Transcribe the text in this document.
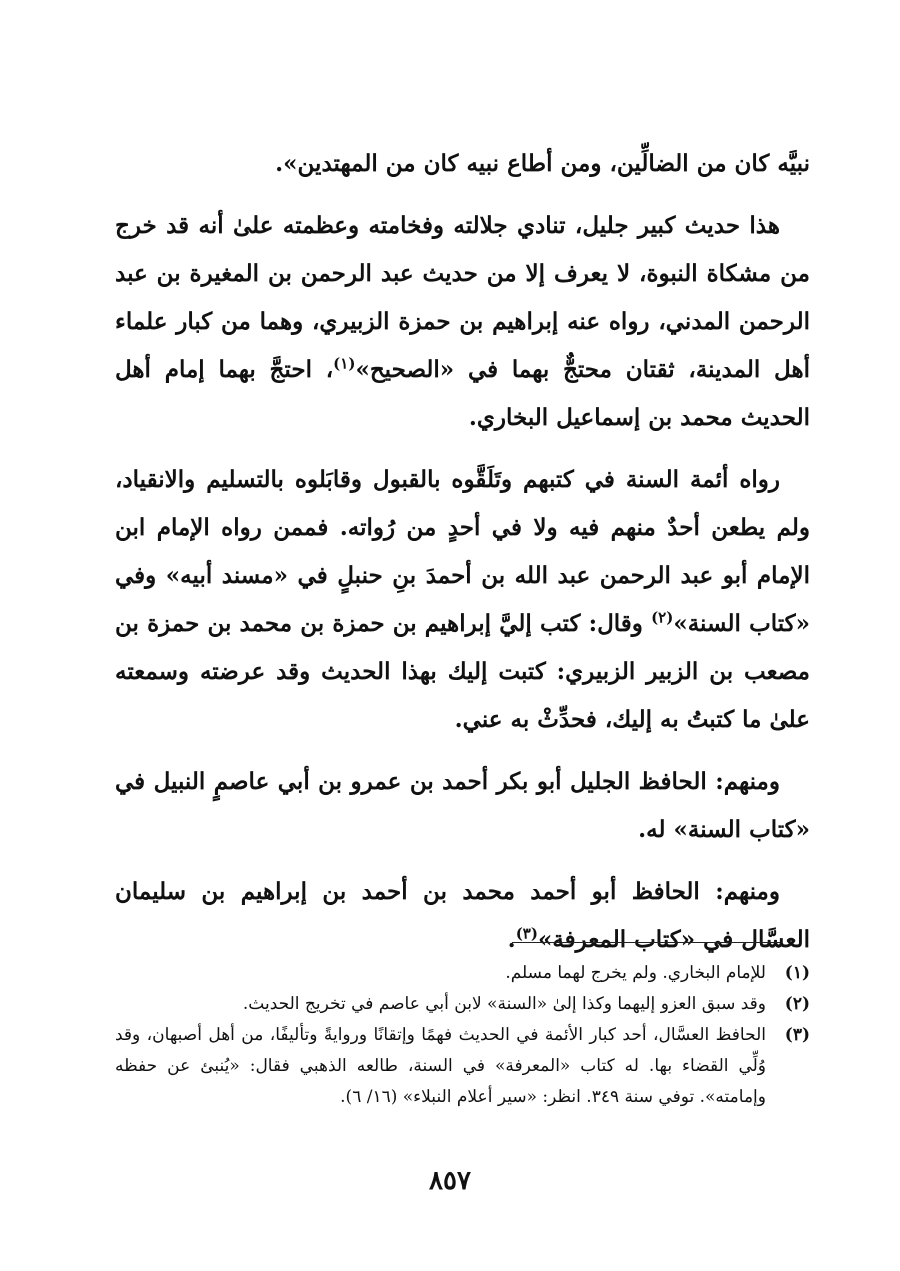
نبيَّه كان من الضالِّين، ومن أطاع نبيه كان من المهتدين».

هذا حديث كبير جليل، تنادي جلالته وفخامته وعظمته علىٰ أنه قد خرج من مشكاة النبوة، لا يعرف إلا من حديث عبد الرحمن بن المغيرة بن عبد الرحمن المدني، رواه عنه إبراهيم بن حمزة الزبيري، وهما من كبار علماء أهل المدينة، ثقتان محتجٌّ بهما في «الصحيح»$^{(١)}$، احتجَّ بهما إمام أهل الحديث محمد بن إسماعيل البخاري.

رواه أئمة السنة في كتبهم وتَلَقَّوه بالقبول وقابَلوه بالتسليم والانقياد، ولم يطعن أحدٌ منهم فيه ولا في أحدٍ من رُواته. فممن رواه الإمام ابن الإمام أبو عبد الرحمن عبد الله بن أحمدَ بنِ حنبلٍ في «مسند أبيه» وفي «كتاب السنة»$^{(٢)}$ وقال: كتب إليَّ إبراهيم بن حمزة بن محمد بن حمزة بن مصعب بن الزبير الزبيري: كتبت إليك بهذا الحديث وقد عرضته وسمعته علىٰ ما كتبتُ به إليك، فحدِّثْ به عني.

ومنهم: الحافظ الجليل أبو بكر أحمد بن عمرو بن أبي عاصمٍ النبيل في «كتاب السنة» له.

ومنهم: الحافظ أبو أحمد محمد بن أحمد بن إبراهيم بن سليمان العسَّال في «كتاب المعرفة»$^{(٣)}$.

(١)
للإمام البخاري. ولم يخرج لهما مسلم.
(٢)
وقد سبق العزو إليهما وكذا إلىٰ «السنة» لابن أبي عاصم في تخريج الحديث.
(٣)
الحافظ العسَّال، أحد كبار الأئمة في الحديث فهمًا وإتقانًا وروايةً وتأليفًا، من أهل أصبهان، وقد وُلِّي القضاء بها. له كتاب «المعرفة» في السنة، طالعه الذهبي فقال: «يُنبئ عن حفظه وإمامته». توفي سنة ٣٤٩. انظر: «سير أعلام النبلاء» (١٦/ ٦).
٨٥٧
